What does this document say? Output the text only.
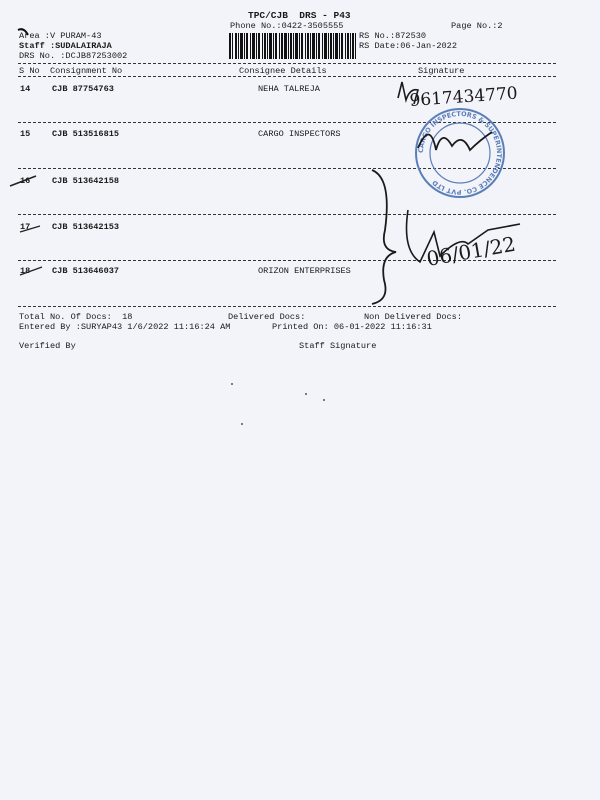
TPC/CJB  DRS - P43
Phone No.:0422-3505555	Page No.:2
Area :V PURAM-43
Staff :SUDALAIRAJA
DRS No. :DCJB87253002
RS No.:872530
RS Date:06-Jan-2022
S No Consignment No	Consignee Details	Signature
14	CJB 87754763	NEHA TALREJA
15	CJB 513516815	CARGO INSPECTORS
16	CJB 513642158
17	CJB 513642153
18	CJB 513646037	ORIZON ENTERPRISES
Total No. Of Docs:  18	Delivered Docs:	Non Delivered Docs:
Entered By :SURYAP43 1/6/2022 11:16:24 AM	Printed On: 06-01-2022 11:16:31
Verified By	Staff Signature
9617434770
CARGO INSPECTORS & SUPERINTENDENCE CO. PVT LTD
06/01/22
